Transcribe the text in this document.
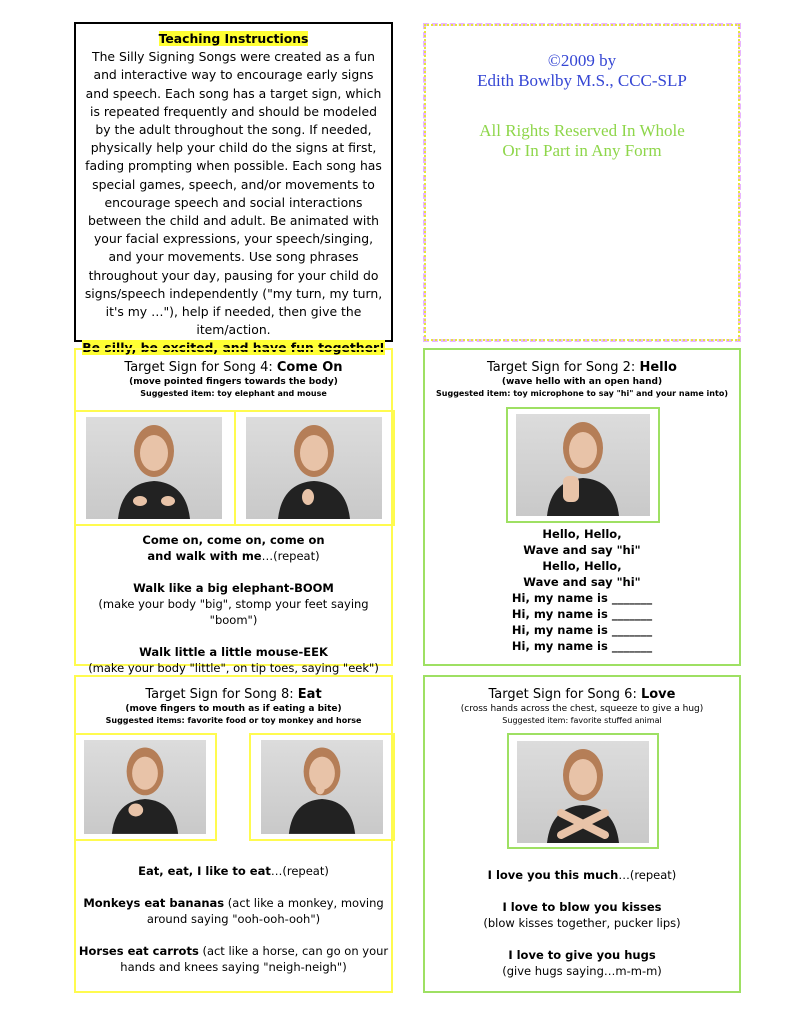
Teaching Instructions
The Silly Signing Songs were created as a fun and interactive way to encourage early signs and speech. Each song has a target sign, which is repeated frequently and should be modeled by the adult throughout the song. If needed, physically help your child do the signs at first, fading prompting when possible. Each song has special games, speech, and/or movements to encourage speech and social interactions between the child and adult. Be animated with your facial expressions, your speech/singing, and your movements. Use song phrases throughout your day, pausing for your child do signs/speech independently ("my turn, my turn, it's my …"), help if needed, then give the item/action.
Be silly, be excited, and have fun together!
©2009 by
Edith Bowlby M.S., CCC-SLP
All Rights Reserved In Whole
Or In Part in Any Form
Target Sign for Song 4: Come On
(move pointed fingers towards the body)
Suggested item: toy elephant and mouse
Come on, come on, come on
and walk with me…(repeat)
Walk like a big elephant-BOOM
(make your body "big", stomp your feet saying "boom")
Walk little a little mouse-EEK
(make your body "little", on tip toes, saying "eek")
Target Sign for Song 2: Hello
(wave hello with an open hand)
Suggested item: toy microphone to say "hi" and your name into)
Hello, Hello,
Wave and say "hi"
Hello, Hello,
Wave and say "hi"
Hi, my name is _______
Hi, my name is _______
Hi, my name is _______
Hi, my name is _______
Target Sign for Song 8: Eat
(move fingers to mouth as if eating a bite)
Suggested items: favorite food or toy monkey and horse
Eat, eat, I like to eat…(repeat)
Monkeys eat bananas (act like a monkey, moving
around saying "ooh-ooh-ooh")
Horses eat carrots (act like a horse, can go on your
hands and knees saying "neigh-neigh")
Target Sign for Song 6: Love
(cross hands across the chest, squeeze to give a hug)
Suggested item: favorite stuffed animal
I love you this much…(repeat)
I love to blow you kisses
(blow kisses together, pucker lips)
I love to give you hugs
(give hugs saying…m-m-m)
